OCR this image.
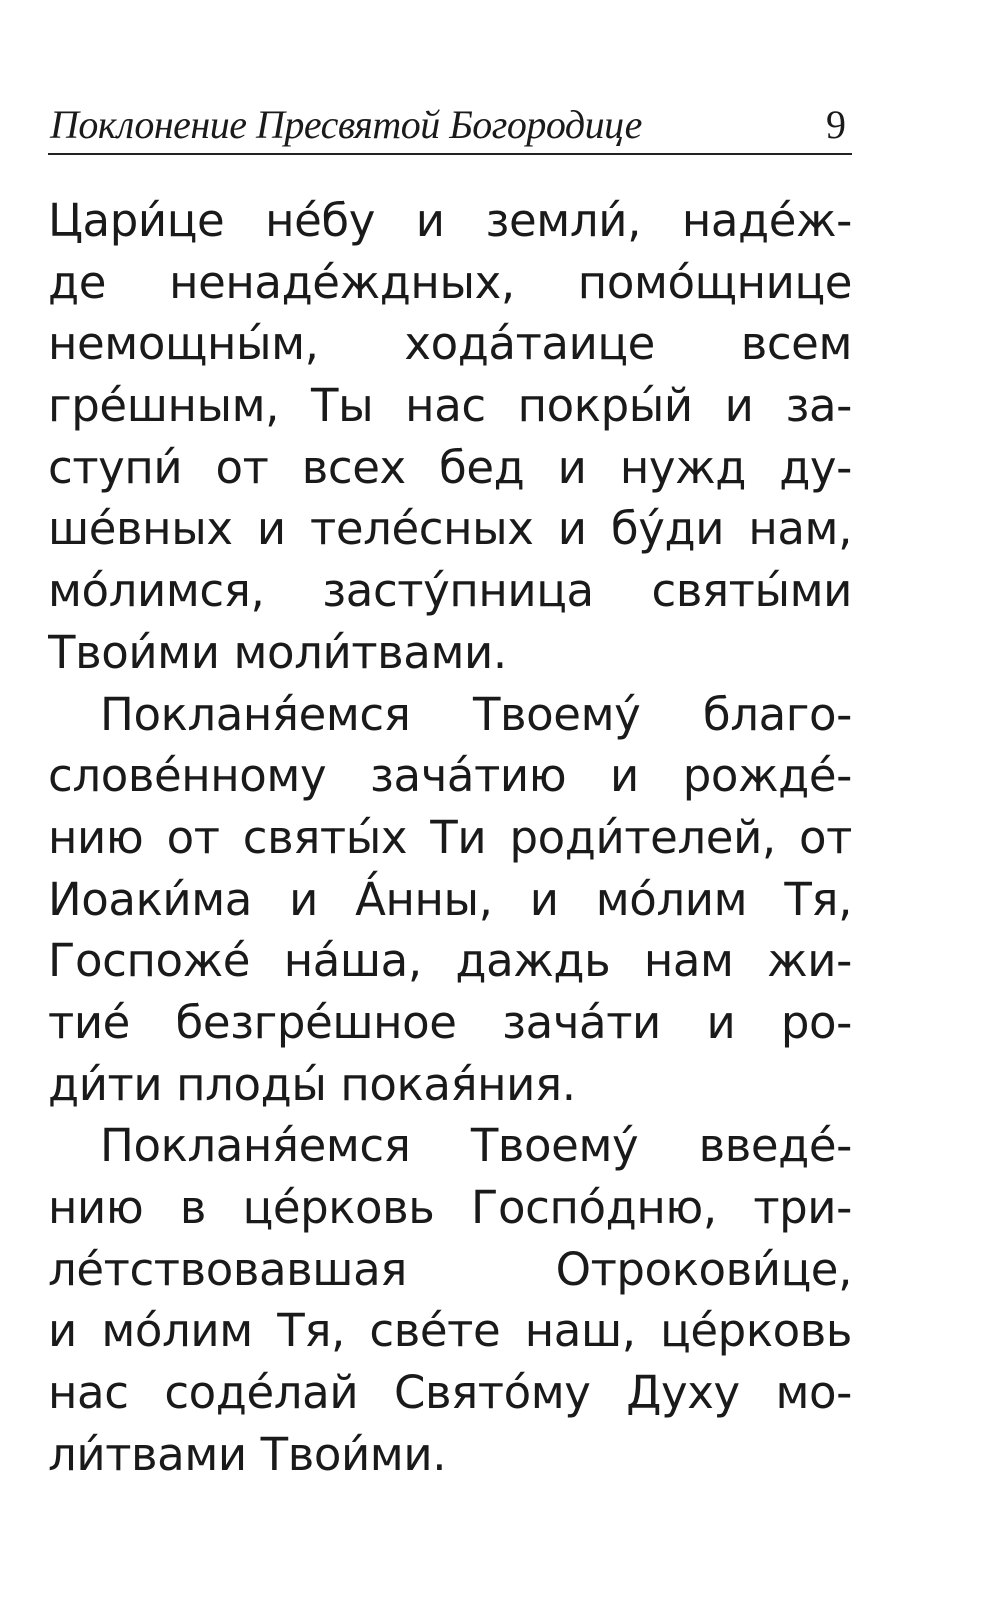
Поклонение Пресвятой Богородице	9
Цари́це не́бу и земли́, наде́ж-
де ненаде́ждных, помо́щнице
немощны́м, хода́таице всем
гре́шным, Ты нас покры́й и за-
ступи́ от всех бед и нужд ду-
ше́вных и теле́сных и бу́ди нам,
мо́лимся, засту́пница святы́ми
Твои́ми моли́твами.
Покланя́емся Твоему́ благо-
слове́нному зача́тию и рожде́-
нию от святы́х Ти роди́телей, от
Иоаки́ма и А́нны, и мо́лим Тя,
Госпоже́ на́ша, даждь нам жи-
тие́ безгре́шное зача́ти и ро-
ди́ти плоды́ покая́ния.
Покланя́емся Твоему́ введе́-
нию в це́рковь Госпо́дню, три-
ле́тствовавшая Отрокови́це,
и мо́лим Тя, све́те наш, це́рковь
нас соде́лай Свято́му Духу мо-
ли́твами Твои́ми.
